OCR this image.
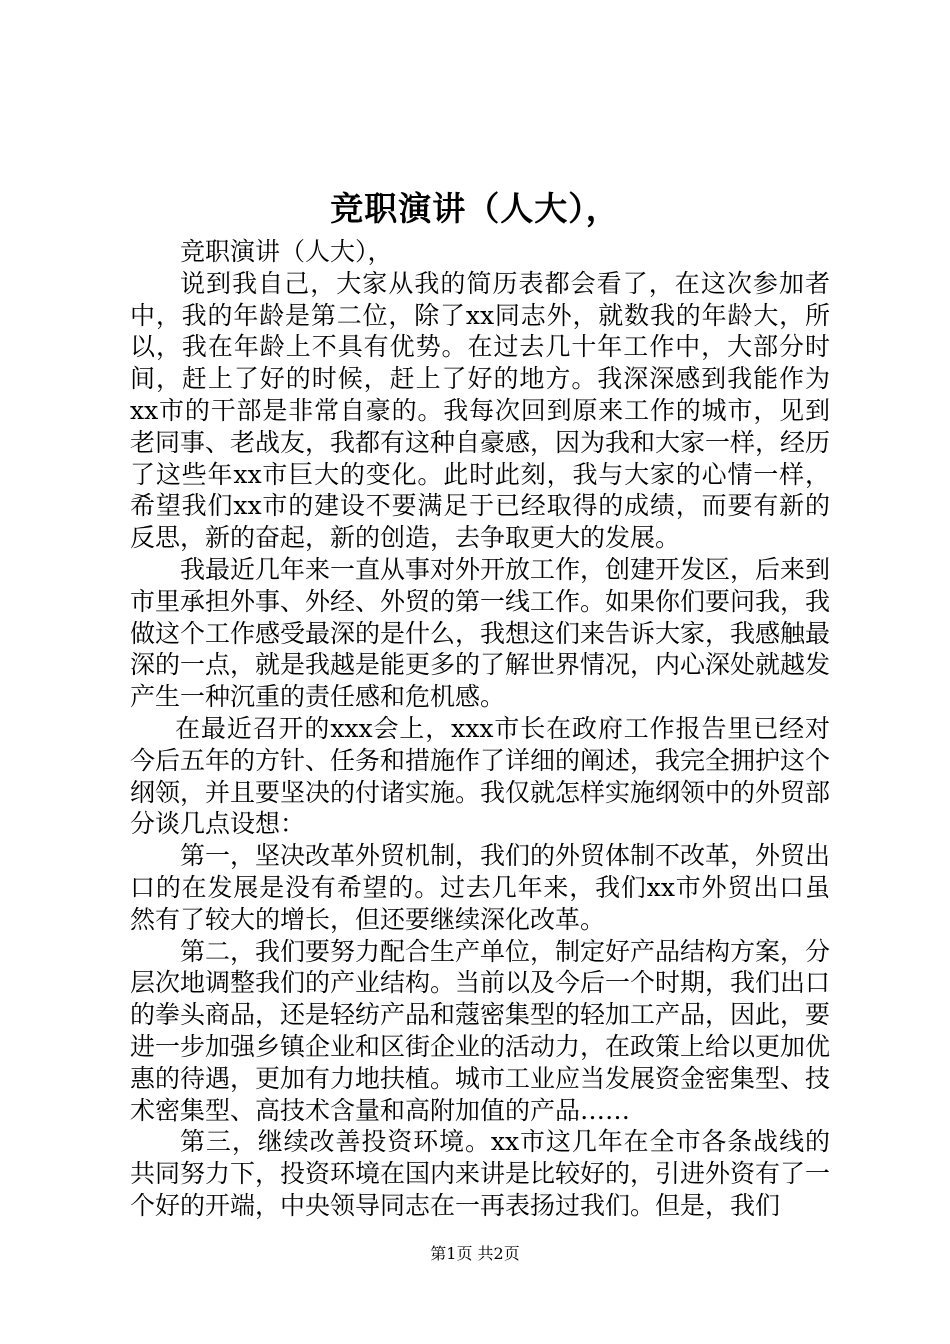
竞职演讲（人大），

竞职演讲（人大），

说到我自己，大家从我的简历表都会看了，在这次参加者中，我的年龄是第二位，除了xx同志外，就数我的年龄大，所以，我在年龄上不具有优势。在过去几十年工作中，大部分时间，赶上了好的时候，赶上了好的地方。我深深感到我能作为xx市的干部是非常自豪的。我每次回到原来工作的城市，见到老同事、老战友，我都有这种自豪感，因为我和大家一样，经历了这些年xx市巨大的变化。此时此刻，我与大家的心情一样，希望我们xx市的建设不要满足于已经取得的成绩，而要有新的反思，新的奋起，新的创造，去争取更大的发展。

我最近几年来一直从事对外开放工作，创建开发区，后来到市里承担外事、外经、外贸的第一线工作。如果你们要问我，我做这个工作感受最深的是什么，我想这们来告诉大家，我感触最深的一点，就是我越是能更多的了解世界情况，内心深处就越发产生一种沉重的责任感和危机感。

在最近召开的xxx会上，xxx市长在政府工作报告里已经对今后五年的方针、任务和措施作了详细的阐述，我完全拥护这个纲领，并且要坚决的付诸实施。我仅就怎样实施纲领中的外贸部分谈几点设想：

第一，坚决改革外贸机制，我们的外贸体制不改革，外贸出口的在发展是没有希望的。过去几年来，我们xx市外贸出口虽然有了较大的增长，但还要继续深化改革。

第二，我们要努力配合生产单位，制定好产品结构方案，分层次地调整我们的产业结构。当前以及今后一个时期，我们出口的拳头商品，还是轻纺产品和蔻密集型的轻加工产品，因此，要进一步加强乡镇企业和区街企业的活动力，在政策上给以更加优惠的待遇，更加有力地扶植。城市工业应当发展资金密集型、技术密集型、高技术含量和高附加值的产品……

第三，继续改善投资环境。xx市这几年在全市各条战线的共同努力下，投资环境在国内来讲是比较好的，引进外资有了一个好的开端，中央领导同志在一再表扬过我们。但是，我们

第1页 共2页
